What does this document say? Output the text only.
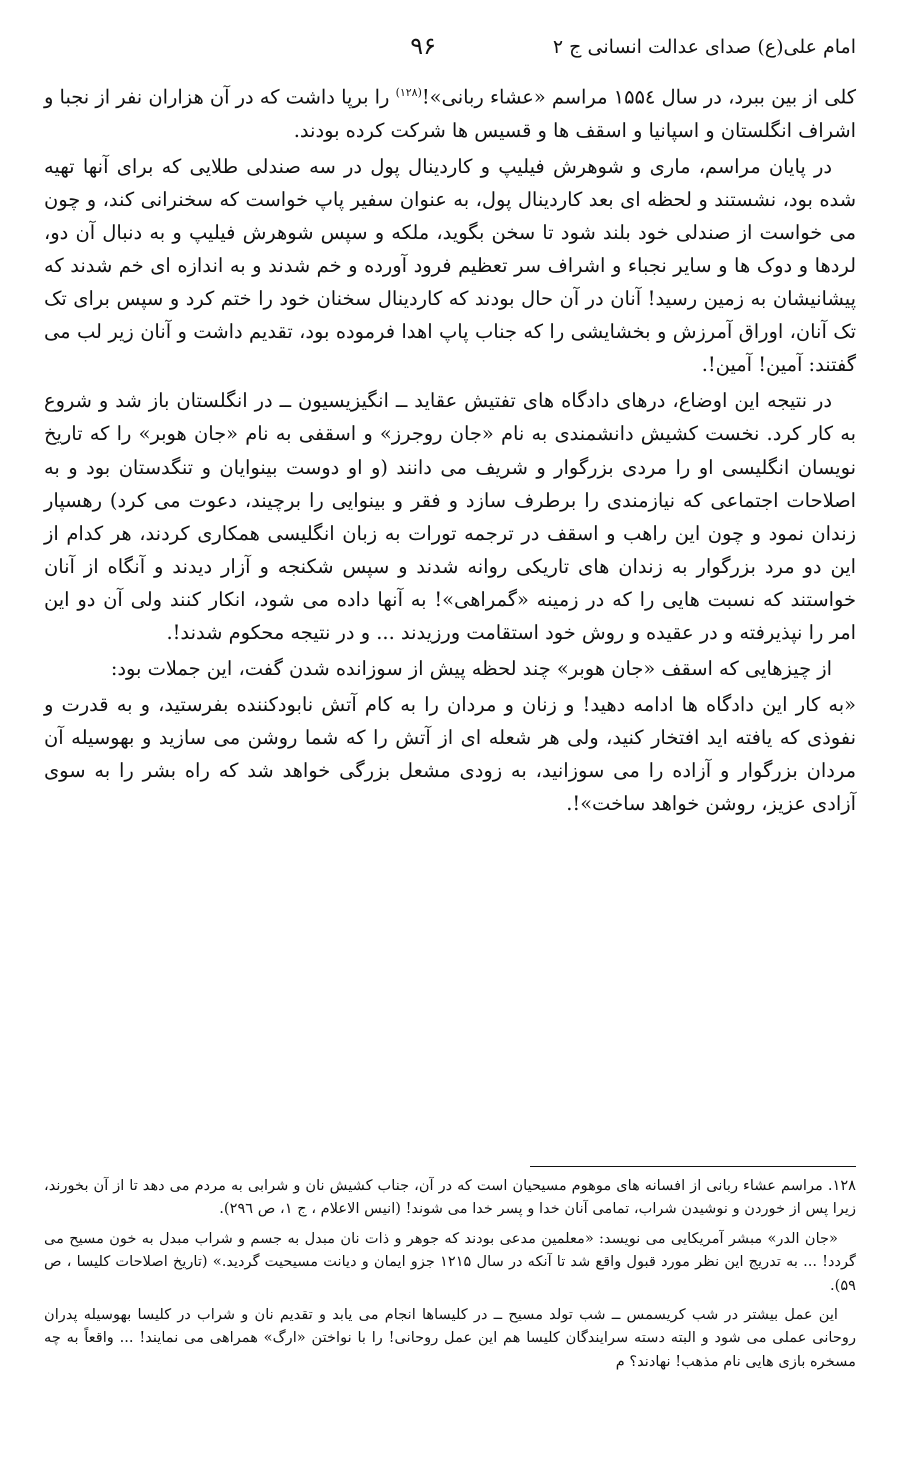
امام علی(ع) صدای عدالت انسانی ج ۲
۹۶

کلی از بین ببرد، در سال ۱۵۵٤ مراسم «عشاء ربانی»!$^{(۱۲۸)}$ را برپا داشت که در آن هزاران نفر از نجبا و اشراف انگلستان و اسپانیا و اسقف ها و قسیس ها شرکت کرده بودند.

در پایان مراسم، ماری و شوهرش فیلیپ و کاردینال پول در سه صندلی طلایی که برای آنها تهیه شده بود، نشستند و لحظه ای بعد کاردینال پول، به عنوان سفیر پاپ خواست که سخنرانی کند، و چون می خواست از صندلی خود بلند شود تا سخن بگوید، ملکه و سپس شوهرش فیلیپ و به دنبال آن دو، لردها و دوک ها و سایر نجباء و اشراف سر تعظیم فرود آورده و خم شدند و به اندازه ای خم شدند که پیشانیشان به زمین رسید! آنان در آن حال بودند که کاردینال سخنان خود را ختم کرد و سپس برای تک تک آنان، اوراق آمرزش و بخشایشی را که جناب پاپ اهدا فرموده بود، تقدیم داشت و آنان زیر لب می گفتند: آمین! آمین!.

در نتیجه این اوضاع، درهای دادگاه های تفتیش عقاید ــ انگیزیسیون ــ در انگلستان باز شد و شروع به کار کرد. نخست کشیش دانشمندی به نام «جان روجرز» و اسقفی به نام «جان هوبر» را که تاریخ نویسان انگلیسی او را مردی بزرگوار و شریف می دانند (و او دوست بینوایان و تنگدستان بود و به اصلاحات اجتماعی که نیازمندی را برطرف سازد و فقر و بینوایی را برچیند، دعوت می کرد) رهسپار زندان نمود و چون این راهب و اسقف در ترجمه تورات به زبان انگلیسی همکاری کردند، هر کدام از این دو مرد بزرگوار به زندان های تاریکی روانه شدند و سپس شکنجه و آزار دیدند و آنگاه از آنان خواستند که نسبت هایی را که در زمینه «گمراهی»! به آنها داده می شود، انکار کنند ولی آن دو این امر را نپذیرفته و در عقیده و روش خود استقامت ورزیدند ... و در نتیجه محکوم شدند!.

از چیزهایی که اسقف «جان هوبر» چند لحظه پیش از سوزانده شدن گفت، این جملات بود:

«به کار این دادگاه ها ادامه دهید! و زنان و مردان را به کام آتش نابودکننده بفرستید، و به قدرت و نفوذی که یافته اید افتخار کنید، ولی هر شعله ای از آتش را که شما روشن می سازید و بهوسیله آن مردان بزرگوار و آزاده را می سوزانید، به زودی مشعل بزرگی خواهد شد که راه بشر را به سوی آزادی عزیز، روشن خواهد ساخت»!.

۱۲۸. مراسم عشاء ربانی از افسانه های موهوم مسیحیان است که در آن، جناب کشیش نان و شرابی به مردم می دهد تا از آن بخورند، زیرا پس از خوردن و نوشیدن شراب، تمامی آنان خدا و پسر خدا می شوند! (انیس الاعلام ، ج ۱، ص ۲۹٦).

«جان الدر» مبشر آمریکایی می نویسد: «معلمین مدعی بودند که جوهر و ذات نان مبدل به جسم و شراب مبدل به خون مسیح می گردد! ... به تدریج این نظر مورد قبول واقع شد تا آنکه در سال ۱۲۱۵ جزو ایمان و دیانت مسیحیت گردید.» (تاریخ اصلاحات کلیسا ، ص ۵۹).

این عمل بیشتر در شب کریسمس ــ شب تولد مسیح ــ در کلیساها انجام می یابد و تقدیم نان و شراب در کلیسا بهوسیله پدران روحانی عملی می شود و البته دسته سرایندگان کلیسا هم این عمل روحانی! را با نواختن «ارگ» همراهی می نمایند! ... واقعاً به چه مسخره بازی هایی نام مذهب! نهادند؟ م
